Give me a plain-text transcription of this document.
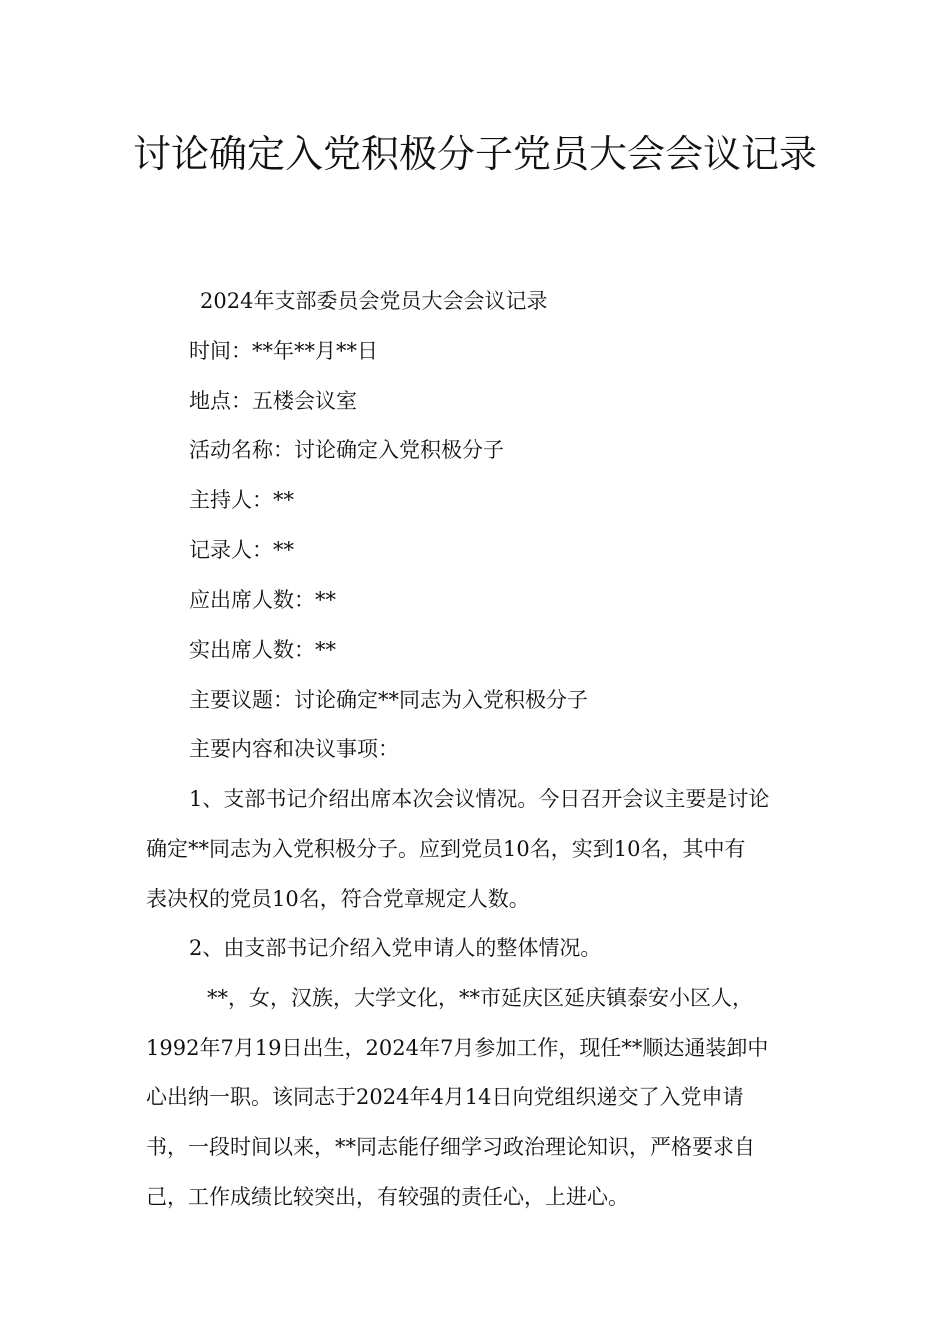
讨论确定入党积极分子党员大会会议记录

2024年支部委员会党员大会会议记录

时间：**年**月**日

地点：五楼会议室

活动名称：讨论确定入党积极分子

主持人：**

记录人：**

应出席人数：**

实出席人数：**

主要议题：讨论确定**同志为入党积极分子

主要内容和决议事项：

1、支部书记介绍出席本次会议情况。今日召开会议主要是讨论

确定**同志为入党积极分子。应到党员10名，实到10名，其中有

表决权的党员10名，符合党章规定人数。

2、由支部书记介绍入党申请人的整体情况。

**，女，汉族，大学文化，**市延庆区延庆镇泰安小区人，

1992年7月19日出生，2024年7月参加工作，现任**顺达通装卸中

心出纳一职。该同志于2024年4月14日向党组织递交了入党申请

书，一段时间以来，**同志能仔细学习政治理论知识，严格要求自

己，工作成绩比较突出，有较强的责任心，上进心。
